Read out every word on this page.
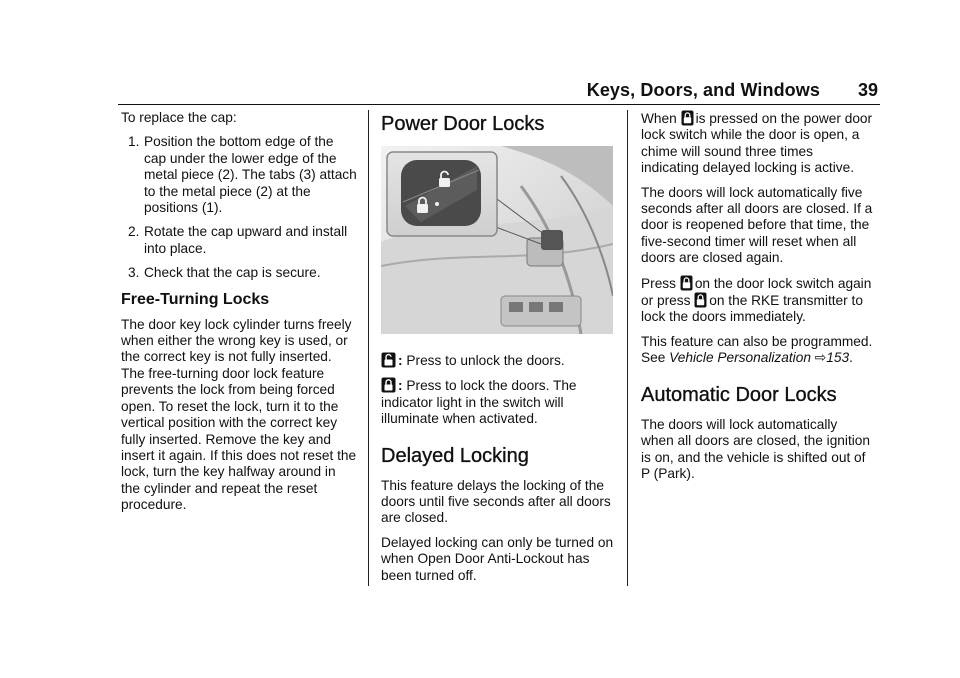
Keys, Doors, and Windows	39

To replace the cap:

1. Position the bottom edge of the cap under the lower edge of the metal piece (2). The tabs (3) attach to the metal piece (2) at the positions (1).
2. Rotate the cap upward and install into place.
3. Check that the cap is secure.
Free-Turning Locks

The door key lock cylinder turns freely when either the wrong key is used, or the correct key is not fully inserted. The free-turning door lock feature prevents the lock from being forced open. To reset the lock, turn it to the vertical position with the correct key fully inserted. Remove the key and insert it again. If this does not reset the lock, turn the key halfway around in the cylinder and repeat the reset procedure.

Power Door Locks

: Press to unlock the doors.

: Press to lock the doors. The indicator light in the switch will illuminate when activated.

Delayed Locking

This feature delays the locking of the doors until five seconds after all doors are closed.

Delayed locking can only be turned on when Open Door Anti-Lockout has been turned off.

When is pressed on the power door lock switch while the door is open, a chime will sound three times indicating delayed locking is active.

The doors will lock automatically five seconds after all doors are closed. If a door is reopened before that time, the five-second timer will reset when all doors are closed again.

Press on the door lock switch again or press on the RKE transmitter to lock the doors immediately.

This feature can also be programmed. See Vehicle Personalization ⇨153.

Automatic Door Locks

The doors will lock automatically when all doors are closed, the ignition is on, and the vehicle is shifted out of P (Park).
